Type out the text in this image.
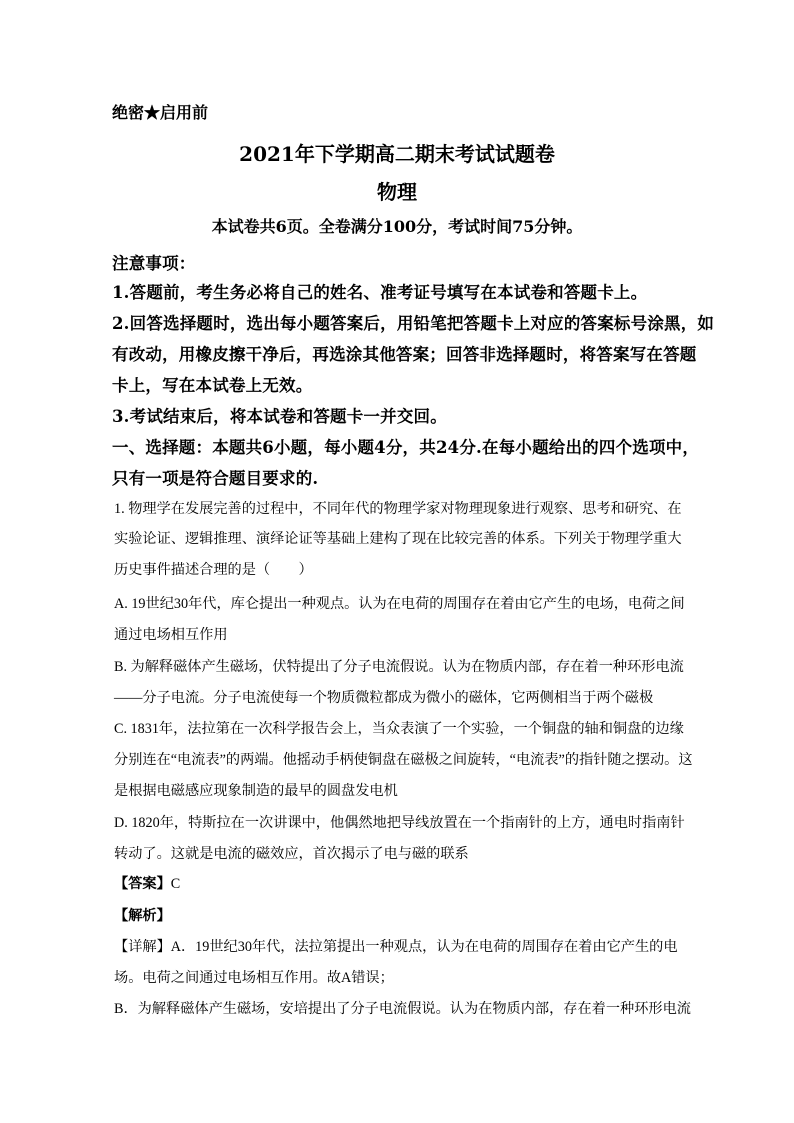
绝密★启用前
2021年下学期高二期末考试试题卷
物理
本试卷共6页。全卷满分100分，考试时间75分钟。
注意事项：
1.答题前，考生务必将自己的姓名、准考证号填写在本试卷和答题卡上。
2.回答选择题时，选出每小题答案后，用铅笔把答题卡上对应的答案标号涂黑，如
有改动，用橡皮擦干净后，再选涂其他答案；回答非选择题时，将答案写在答题
卡上，写在本试卷上无效。
3.考试结束后，将本试卷和答题卡一并交回。
一、选择题：本题共6小题，每小题4分，共24分.在每小题给出的四个选项中，
只有一项是符合题目要求的.
1. 物理学在发展完善的过程中，不同年代的物理学家对物理现象进行观察、思考和研究、在
实验论证、逻辑推理、演绎论证等基础上建构了现在比较完善的体系。下列关于物理学重大
历史事件描述合理的是（　　）
A. 19世纪30年代，库仑提出一种观点。认为在电荷的周围存在着由它产生的电场，电荷之间
通过电场相互作用
B. 为解释磁体产生磁场，伏特提出了分子电流假说。认为在物质内部，存在着一种环形电流
——分子电流。分子电流使每一个物质微粒都成为微小的磁体，它两侧相当于两个磁极
C. 1831年，法拉第在一次科学报告会上，当众表演了一个实验，一个铜盘的轴和铜盘的边缘
分别连在“电流表”的两端。他摇动手柄使铜盘在磁极之间旋转，“电流表”的指针随之摆动。这
是根据电磁感应现象制造的最早的圆盘发电机
D. 1820年，特斯拉在一次讲课中，他偶然地把导线放置在一个指南针的上方，通电时指南针
转动了。这就是电流的磁效应，首次揭示了电与磁的联系
【答案】C
【解析】
【详解】A．19世纪30年代，法拉第提出一种观点，认为在电荷的周围存在着由它产生的电
场。电荷之间通过电场相互作用。故A错误；
B．为解释磁体产生磁场，安培提出了分子电流假说。认为在物质内部，存在着一种环形电流
